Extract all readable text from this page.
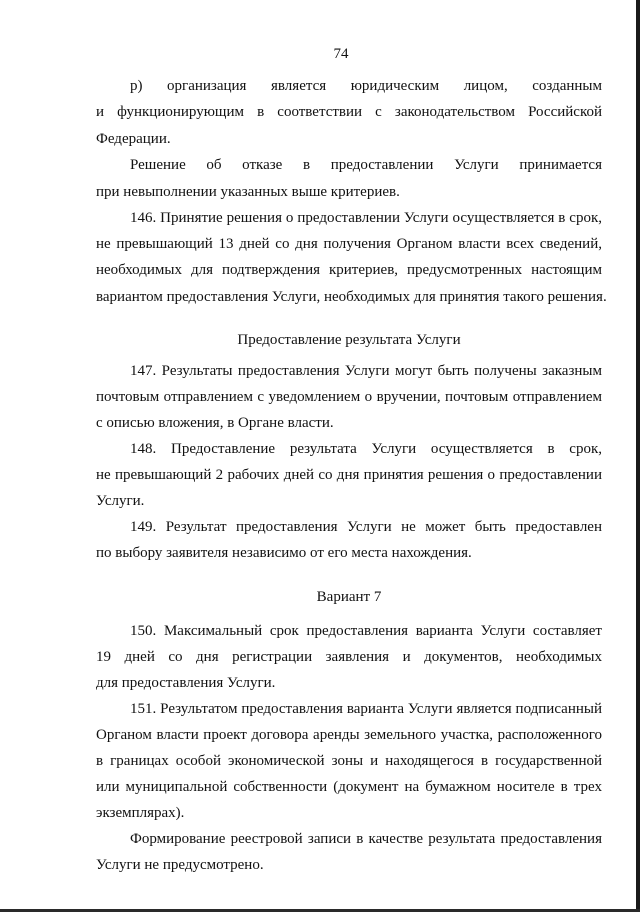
74
р) организация является юридическим лицом, созданным
и функционирующим в соответствии с законодательством Российской
Федерации.
Решение об отказе в предоставлении Услуги принимается
при невыполнении указанных выше критериев.
146. Принятие решения о предоставлении Услуги осуществляется в срок,
не превышающий 13 дней со дня получения Органом власти всех сведений,
необходимых для подтверждения критериев, предусмотренных настоящим
вариантом предоставления Услуги, необходимых для принятия такого решения.
Предоставление результата Услуги
147. Результаты предоставления Услуги могут быть получены заказным
почтовым отправлением с уведомлением о вручении, почтовым отправлением
с описью вложения, в Органе власти.
148. Предоставление результата Услуги осуществляется в срок,
не превышающий 2 рабочих дней со дня принятия решения о предоставлении
Услуги.
149. Результат предоставления Услуги не может быть предоставлен
по выбору заявителя независимо от его места нахождения.
Вариант 7
150. Максимальный срок предоставления варианта Услуги составляет
19 дней со дня регистрации заявления и документов, необходимых
для предоставления Услуги.
151. Результатом предоставления варианта Услуги является подписанный
Органом власти проект договора аренды земельного участка, расположенного
в границах особой экономической зоны и находящегося в государственной
или муниципальной собственности (документ на бумажном носителе в трех
экземплярах).
Формирование реестровой записи в качестве результата предоставления
Услуги не предусмотрено.
